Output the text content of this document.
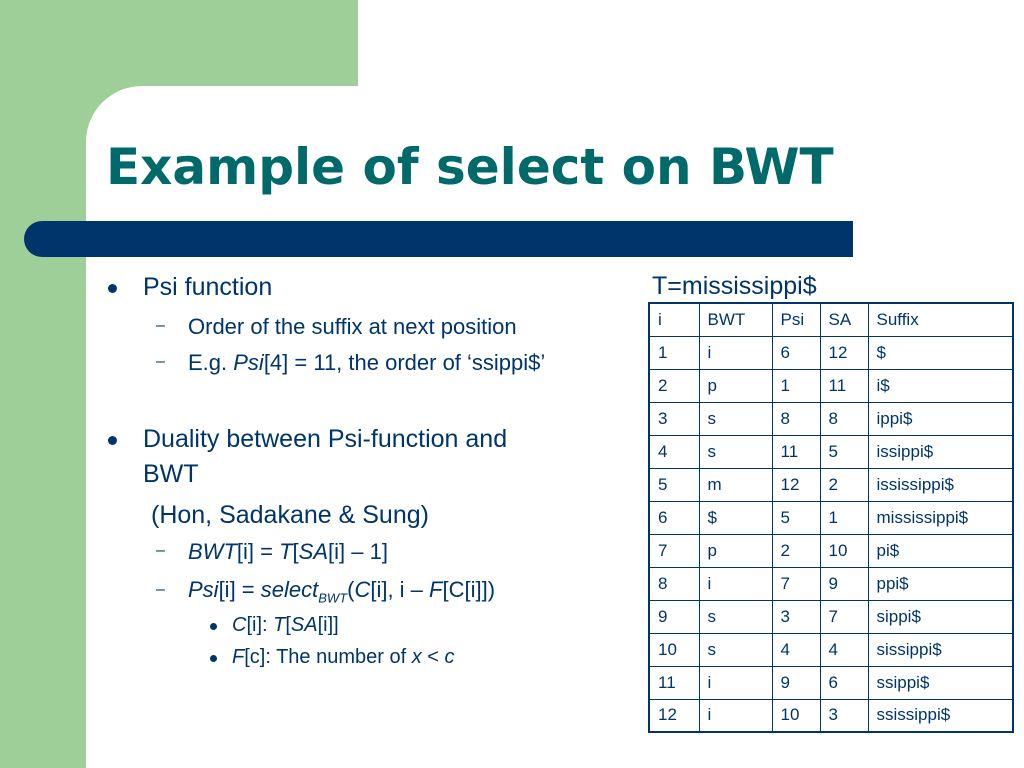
Example of select on BWT
Psi function
– Order of the suffix at next position
– E.g. Psi[4] = 11, the order of ‘ssippi$’
Duality between Psi-function and
BWT
(Hon, Sadakane & Sung)
– BWT[i] = T[SA[i] – 1]
– Psi[i] = select$_{BWT}$(C[i], i – F[C[i]])
C[i]: T[SA[i]]
F[c]: The number of x < c
T=mississippi$
i	BWT	Psi	SA	Suffix
1	i	6	12	$
2	p	1	11	i$
3	s	8	8	ippi$
4	s	11	5	issippi$
5	m	12	2	ississippi$
6	$	5	1	mississippi$
7	p	2	10	pi$
8	i	7	9	ppi$
9	s	3	7	sippi$
10	s	4	4	sissippi$
11	i	9	6	ssippi$
12	i	10	3	ssissippi$
